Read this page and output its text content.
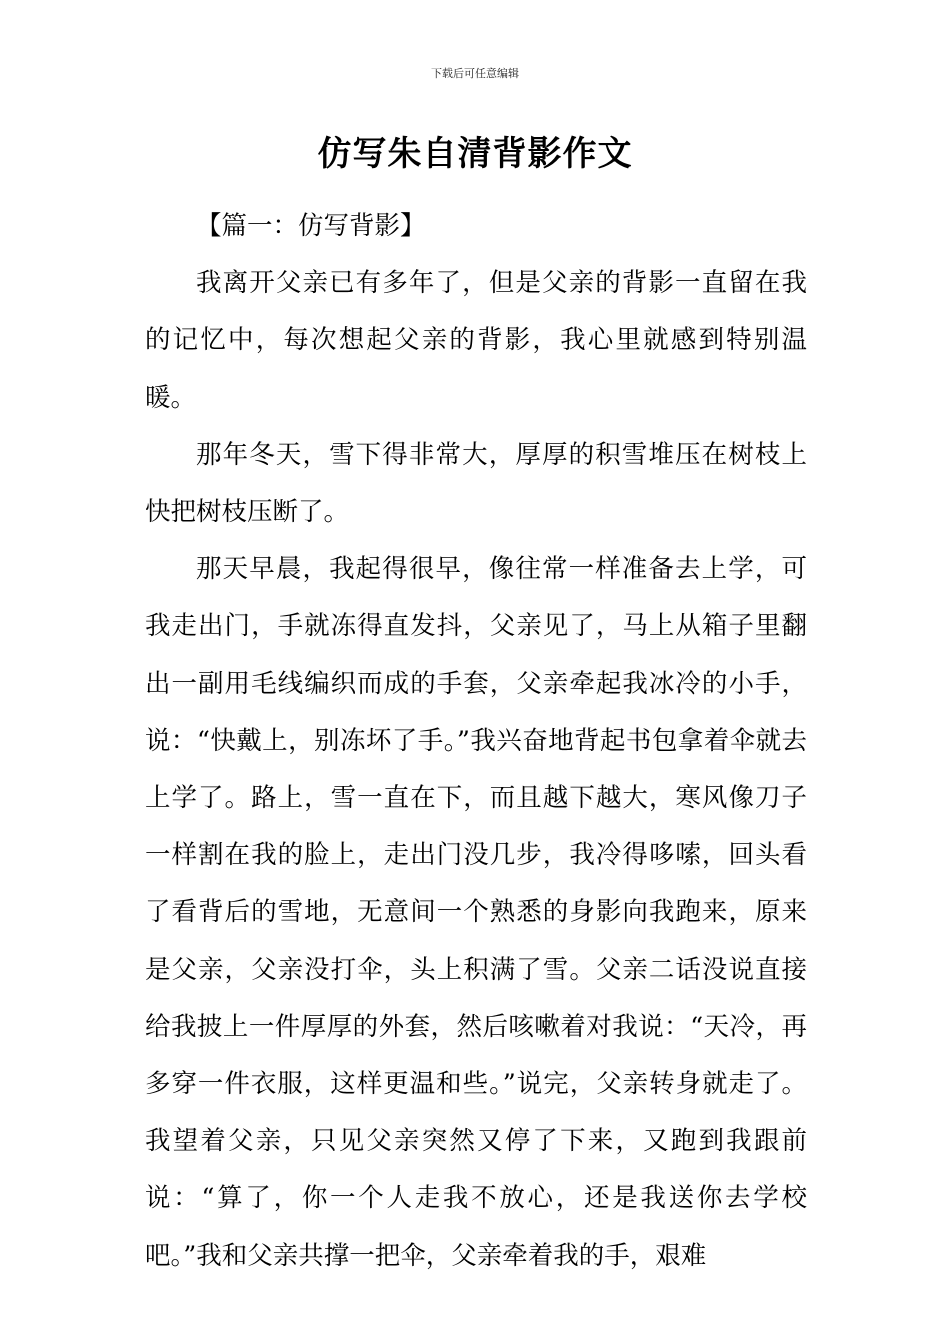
下载后可任意编辑
仿写朱自清背影作文

【篇一：仿写背影】

我离开父亲已有多年了，但是父亲的背影一直留在我的记忆中，每次想起父亲的背影，我心里就感到特别温暖。

那年冬天，雪下得非常大，厚厚的积雪堆压在树枝上快把树枝压断了。

那天早晨，我起得很早，像往常一样准备去上学，可我走出门，手就冻得直发抖，父亲见了，马上从箱子里翻出一副用毛线编织而成的手套，父亲牵起我冰冷的小手，说：“快戴上，别冻坏了手。”我兴奋地背起书包拿着伞就去上学了。路上，雪一直在下，而且越下越大，寒风像刀子一样割在我的脸上，走出门没几步，我冷得哆嗦，回头看了看背后的雪地，无意间一个熟悉的身影向我跑来，原来是父亲，父亲没打伞，头上积满了雪。父亲二话没说直接给我披上一件厚厚的外套，然后咳嗽着对我说：“天冷，再多穿一件衣服，这样更温和些。”说完，父亲转身就走了。我望着父亲，只见父亲突然又停了下来，又跑到我跟前说：“算了，你一个人走我不放心，还是我送你去学校吧。”我和父亲共撑一把伞，父亲牵着我的手，艰难
